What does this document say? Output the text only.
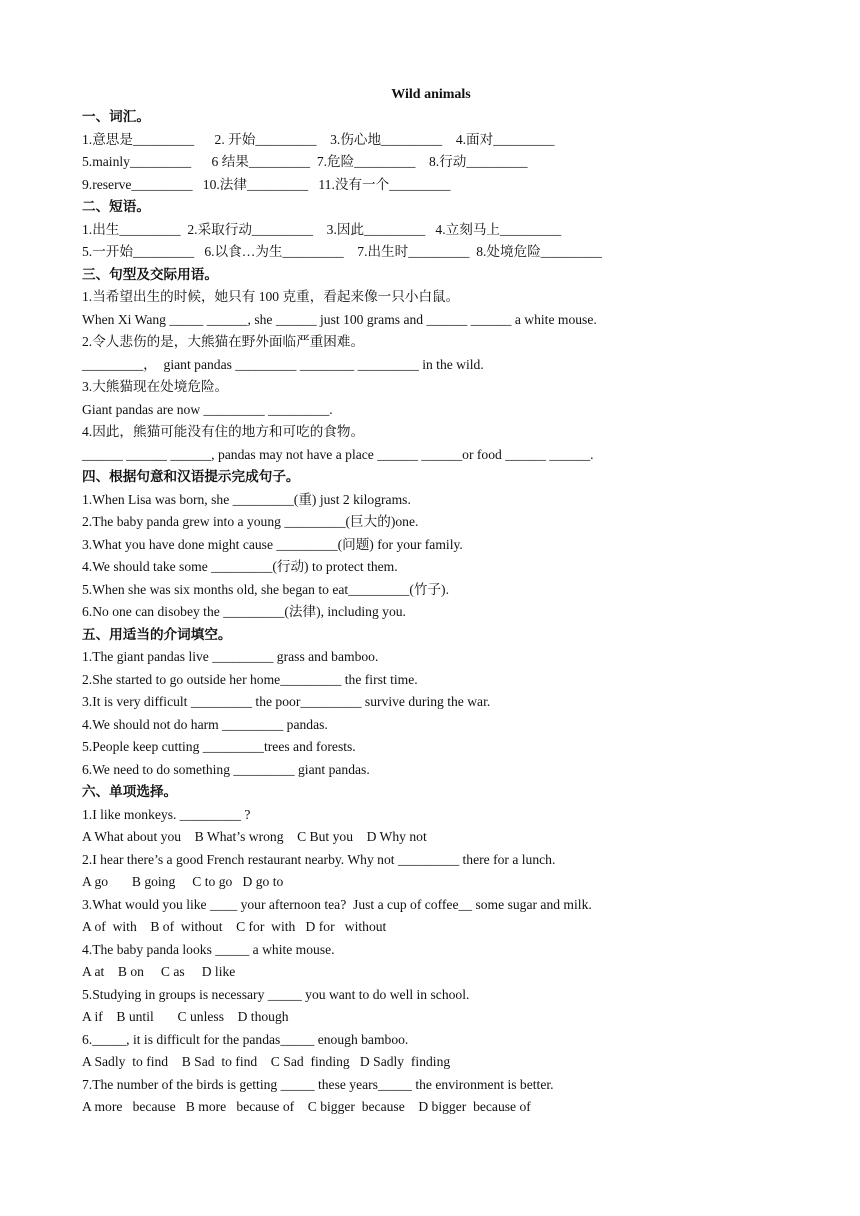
Wild animals
一、词汇。
1.意思是_________      2. 开始_________    3.伤心地_________    4.面对_________
5.mainly_________      6 结果_________  7.危险_________    8.行动_________
9.reserve_________   10.法律_________   11.没有一个_________
二、短语。
1.出生_________  2.采取行动_________    3.因此_________   4.立刻马上_________
5.一开始_________   6.以食…为生_________    7.出生时_________  8.处境危险_________
三、句型及交际用语。
1.当希望出生的时候，她只有 100 克重，看起来像一只小白鼠。
When Xi Wang _____ ______, she ______ just 100 grams and ______ ______ a white mouse.
2.令人悲伤的是，大熊猫在野外面临严重困难。
_________，  giant pandas _________ ________ _________ in the wild.
3.大熊猫现在处境危险。
Giant pandas are now _________ _________.
4.因此，熊猫可能没有住的地方和可吃的食物。
______ ______ ______, pandas may not have a place ______ ______or food ______ ______.
四、根据句意和汉语提示完成句子。
1.When Lisa was born, she _________(重) just 2 kilograms.
2.The baby panda grew into a young _________(巨大的)one.
3.What you have done might cause _________(问题) for your family.
4.We should take some _________(行动) to protect them.
5.When she was six months old, she began to eat_________(竹子).
6.No one can disobey the _________(法律), including you.
五、用适当的介词填空。
1.The giant pandas live _________ grass and bamboo.
2.She started to go outside her home_________ the first time.
3.It is very difficult _________ the poor_________ survive during the war.
4.We should not do harm _________ pandas.
5.People keep cutting _________trees and forests.
6.We need to do something _________ giant pandas.
六、单项选择。
1.I like monkeys. _________ ?
A What about you    B What’s wrong    C But you    D Why not
2.I hear there’s a good French restaurant nearby. Why not _________ there for a lunch.
A go       B going     C to go   D go to
3.What would you like ____ your afternoon tea?  Just a cup of coffee__ some sugar and milk.
A of  with    B of  without    C for  with   D for   without
4.The baby panda looks _____ a white mouse.
A at    B on     C as     D like
5.Studying in groups is necessary _____ you want to do well in school.
A if    B until       C unless    D though
6._____, it is difficult for the pandas_____ enough bamboo.
A Sadly  to find    B Sad  to find    C Sad  finding   D Sadly  finding
7.The number of the birds is getting _____ these years_____ the environment is better.
A more   because   B more   because of    C bigger  because    D bigger  because of
